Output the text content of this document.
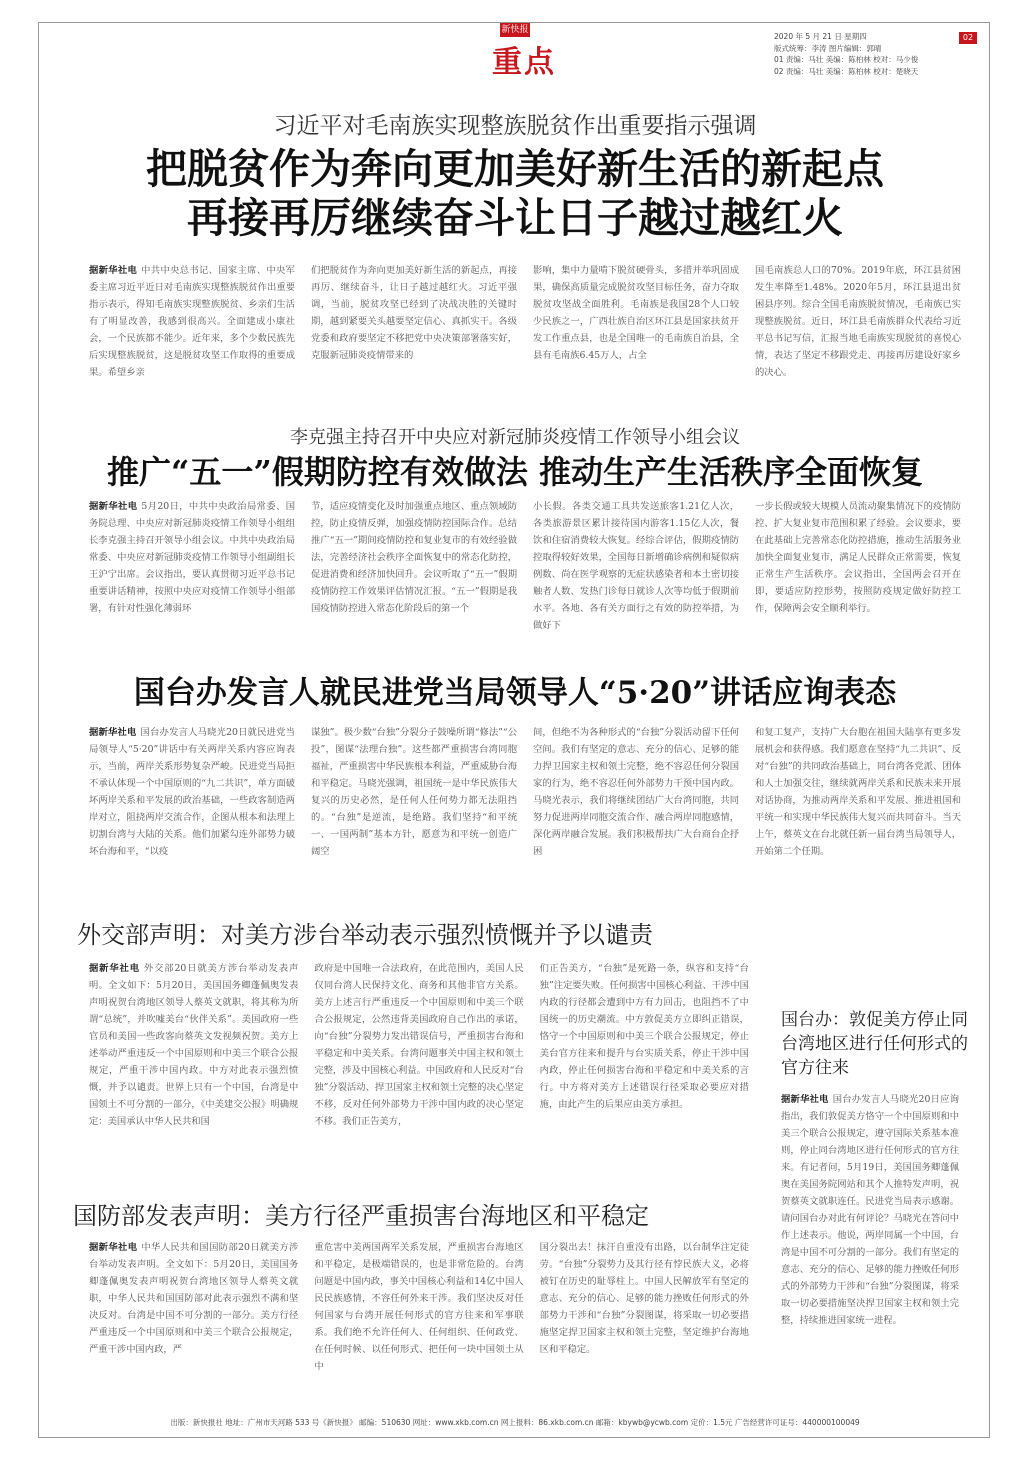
新快报
重点
2020 年 5 月 21 日 星期四
版式统筹：李涛 图片编辑：郭晴
01 责编：马壮 美编：陈柏林 校对：马少俊
02 责编：马壮 美编：陈柏林 校对：楚晓天
02
习近平对毛南族实现整族脱贫作出重要指示强调
把脱贫作为奔向更加美好新生活的新起点
再接再厉继续奋斗让日子越过越红火
据新华社电 中共中央总书记、国家主席、中央军委主席习近平近日对毛南族实现整族脱贫作出重要指示表示，得知毛南族实现整族脱贫、乡亲们生活有了明显改善，我感到很高兴。全面建成小康社会，一个民族都不能少。近年来，多个少数民族先后实现整族脱贫，这是脱贫攻坚工作取得的重要成果。希望乡亲
们把脱贫作为奔向更加美好新生活的新起点，再接再厉、继续奋斗，让日子越过越红火。习近平强调，当前，脱贫攻坚已经到了决战决胜的关键时期，越到紧要关头越要坚定信心、真抓实干。各级党委和政府要坚定不移把党中央决策部署落实好，克服新冠肺炎疫情带来的
影响，集中力量啃下脱贫硬骨头，多措并举巩固成果，确保高质量完成脱贫攻坚目标任务，奋力夺取脱贫攻坚战全面胜利。毛南族是我国28个人口较少民族之一，广西壮族自治区环江县是国家扶贫开发工作重点县，也是全国唯一的毛南族自治县，全县有毛南族6.45万人，占全
国毛南族总人口的70%。2019年底，环江县贫困发生率降至1.48%。2020年5月，环江县退出贫困县序列。综合全国毛南族脱贫情况，毛南族已实现整族脱贫。近日，环江县毛南族群众代表给习近平总书记写信，汇报当地毛南族实现脱贫的喜悦心情，表达了坚定不移跟党走、再接再厉建设好家乡的决心。
李克强主持召开中央应对新冠肺炎疫情工作领导小组会议
推广“五一”假期防控有效做法 推动生产生活秩序全面恢复
据新华社电 5月20日，中共中央政治局常委、国务院总理、中央应对新冠肺炎疫情工作领导小组组长李克强主持召开领导小组会议。中共中央政治局常委、中央应对新冠肺炎疫情工作领导小组副组长王沪宁出席。会议指出，要认真贯彻习近平总书记重要讲话精神，按照中央应对疫情工作领导小组部署，有针对性强化薄弱环
节，适应疫情变化及时加强重点地区、重点领域防控，防止疫情反弹，加强疫情防控国际合作。总结推广“五一”期间疫情防控和复业复市的有效经验做法，完善经济社会秩序全面恢复中的常态化防控，促进消费和经济加快回升。会议听取了“五一”假期疫情防控工作效果评估情况汇报。“五一”假期是我国疫情防控进入常态化阶段后的第一个
小长假。各类交通工具共发送旅客1.21亿人次，各类旅游景区累计接待国内游客1.15亿人次，餐饮和住宿消费较大恢复。经综合评估，假期疫情防控取得较好效果，全国每日新增确诊病例和疑似病例数、尚在医学观察的无症状感染者和本土密切接触者人数、发热门诊每日就诊人次等均低于假期前水平。各地、各有关方面行之有效的防控举措，为做好下
一步长假或较大规模人员流动聚集情况下的疫情防控、扩大复业复市范围积累了经验。会议要求，要在此基础上完善常态化防控措施，推动生活服务业加快全面复业复市，满足人民群众正常需要，恢复正常生产生活秩序。会议指出，全国两会召开在即，要适应防控形势，按照防疫规定做好防控工作，保障两会安全顺利举行。
国台办发言人就民进党当局领导人“5·20”讲话应询表态
据新华社电 国台办发言人马晓光20日就民进党当局领导人“5·20”讲话中有关两岸关系内容应询表示，当前，两岸关系形势复杂严峻。民进党当局拒不承认体现一个中国原则的“九二共识”，单方面破坏两岸关系和平发展的政治基础，一些政客制造两岸对立，阻挠两岸交流合作，企图从根本和法理上切割台湾与大陆的关系。他们加紧勾连外部势力破坏台海和平，“以疫
谋独”。极少数“台独”分裂分子鼓噪所谓“修法”“公投”，图谋“法理台独”。这些都严重损害台湾同胞福祉，严重损害中华民族根本利益，严重威胁台海和平稳定。马晓光强调，祖国统一是中华民族伟大复兴的历史必然，是任何人任何势力都无法阻挡的。“台独”是逆流，是绝路。我们坚持“和平统一、一国两制”基本方针，愿意为和平统一创造广阔空
间，但绝不为各种形式的“台独”分裂活动留下任何空间。我们有坚定的意志、充分的信心、足够的能力捍卫国家主权和领土完整，绝不容忍任何分裂国家的行为，绝不容忍任何外部势力干预中国内政。马晓光表示，我们将继续团结广大台湾同胞，共同努力促进两岸同胞交流合作、融合两岸同胞感情，深化两岸融合发展。我们积极帮扶广大台商台企抒困
和复工复产，支持广大台胞在祖国大陆享有更多发展机会和获得感。我们愿意在坚持“九二共识”、反对“台独”的共同政治基础上，同台湾各党派、团体和人士加强交往，继续就两岸关系和民族未来开展对话协商，为推动两岸关系和平发展、推进祖国和平统一和实现中华民族伟大复兴而共同奋斗。当天上午，蔡英文在台北就任新一届台湾当局领导人，开始第二个任期。
外交部声明：对美方涉台举动表示强烈愤慨并予以谴责
据新华社电 外交部20日就美方涉台举动发表声明。全文如下：5月20日，美国国务卿蓬佩奥发表声明祝贺台湾地区领导人蔡英文就职，将其称为所谓“总统”，并吹嘘美台“伙伴关系”。美国政府一些官员和美国一些政客向蔡英文发视频祝贺。美方上述举动严重违反一个中国原则和中美三个联合公报规定，严重干涉中国内政。中方对此表示强烈愤慨，并予以谴责。世界上只有一个中国，台湾是中国领土不可分割的一部分，《中美建交公报》明确规定：美国承认中华人民共和国
政府是中国唯一合法政府，在此范围内，美国人民仅同台湾人民保持文化、商务和其他非官方关系。美方上述言行严重违反一个中国原则和中美三个联合公报规定，公然违背美国政府自己作出的承诺，向“台独”分裂势力发出错误信号，严重损害台海和平稳定和中美关系。台湾问题事关中国主权和领土完整，涉及中国核心利益。中国政府和人民反对“台独”分裂活动、捍卫国家主权和领土完整的决心坚定不移，反对任何外部势力干涉中国内政的决心坚定不移。我们正告美方，
们正告美方，“台独”是死路一条，纵容和支持“台独”注定要失败。任何损害中国核心利益、干涉中国内政的行径都会遭到中方有力回击，也阻挡不了中国统一的历史潮流。中方敦促美方立即纠正错误，恪守一个中国原则和中美三个联合公报规定，停止美台官方往来和提升与台实质关系，停止干涉中国内政，停止任何损害台海和平稳定和中美关系的言行。中方将对美方上述错误行径采取必要应对措施，由此产生的后果应由美方承担。
国防部发表声明：美方行径严重损害台海地区和平稳定
据新华社电 中华人民共和国国防部20日就美方涉台举动发表声明。全文如下：5月20日，美国国务卿蓬佩奥发表声明祝贺台湾地区领导人蔡英文就职，中华人民共和国国防部对此表示强烈不满和坚决反对。台湾是中国不可分割的一部分。美方行径严重违反一个中国原则和中美三个联合公报规定，严重干涉中国内政，严
重危害中美两国两军关系发展，严重损害台海地区和平稳定，是极端错误的，也是非常危险的。台湾问题是中国内政，事关中国核心利益和14亿中国人民民族感情，不容任何外来干涉。我们坚决反对任何国家与台湾开展任何形式的官方往来和军事联系。我们绝不允许任何人、任何组织、任何政党、在任何时候、以任何形式、把任何一块中国领土从中
国分裂出去！抹汗自重没有出路，以台制华注定徒劳。“台独”分裂势力及其行径有悖民族大义，必将被钉在历史的耻辱柱上。中国人民解放军有坚定的意志、充分的信心、足够的能力挫败任何形式的外部势力干涉和“台独”分裂图谋，将采取一切必要措施坚定捍卫国家主权和领土完整，坚定维护台海地区和平稳定。
国台办：敦促美方停止同台湾地区进行任何形式的官方往来
据新华社电 国台办发言人马晓光20日应询指出，我们敦促美方恪守一个中国原则和中美三个联合公报规定，遵守国际关系基本准则，停止同台湾地区进行任何形式的官方往来。有记者问，5月19日，美国国务卿蓬佩奥在美国务院网站和其个人推特发声明，祝贺蔡英文就职连任。民进党当局表示感谢。请问国台办对此有何评论？马晓光在答问中作上述表示。他说，两岸同属一个中国，台湾是中国不可分割的一部分。我们有坚定的意志、充分的信心、足够的能力挫败任何形式的外部势力干涉和“台独”分裂图谋，将采取一切必要措施坚决捍卫国家主权和领土完整，持续推进国家统一进程。
出版：新快报社 地址：广州市天河路 533 号《新快报》 邮编：510630 网址：www.xkb.com.cn 网上报料：86.xkb.com.cn 邮箱：kbywb@ycwb.com 定价：1.5元 广告经营许可证号：440000100049
